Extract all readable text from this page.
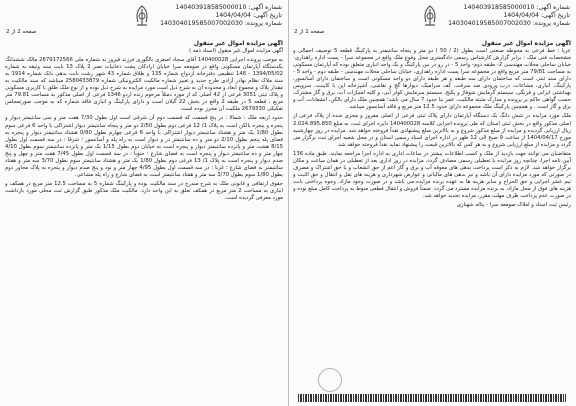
شماره آگهی: 140403918585000010
تاریخ آگهی: 1404/04/04
شماره پرونده: 140304019585007002030
صفحه 1 از 2
آگهی مزایده اموال غیر منقول
عریا : خط فرعی به محوطه صنعتی است بطول (2 / 50 ) دو متر و پنجاه سانتیمتر به پارکینگ قطعه 5 توصیف اجمالی و مشخصات فنی ملک : برابر گزارش کارشناس رسمی دادگستری محل وقوع ملک واقع در مجموعه سرا - پست اداره راهداری- خیابان ساحلی محلات مهندسی 2- طبقه دوم- واحد 5 - در رو در بین پارکینگ و یک واحد انباری متعلق بوده که آپارتمان مسکونی به مساحت 79/81 متر مربع واقع در مجموعه سرا پست اداره راهداری، خیابان ساحلی محلات مهندسی - طبقه دوم - واحد 5 - دارای سند ثبتی است که ساختمان دارای سه طبقه و هر طبقه دارای دو واحد مسکونی است و ساختمان دارای آسانسور، پارکینگ، انباری، مشاعات، درب ورودی ضد سرقت، کف سرامیک، دیوارها گچ و نقاشی، آشپزخانه اپن با کابینت، سرویس بهداشتی ایرانی و فرنگی، سیستم گرمایش شوفاژ و پکیج، سیستم سرمایش کولر آبی، و کلیه امتیازات آب، برق و گاز مشترک، حسب گواهی حاکم بر پرونده و مدارک مثبته مالکیت، عمر بنا حدود 7 سال می باشد؛ همچنین ملک دارای بالکن، انشعابات، آب و برق و گاز است . و همچنین پارکینگ ملک مجموعه دارای حدود 12.5 متر مربع و فاقد آسانسور میباشد.
ملک مورد مزایده در شش دانگ یک دستگاه آپارتمان دارای پلاک ثبتی فرعی از اصلی مفروز و مجزی شده از پلاک فرعی از اصلی مذکور واقع در بخش ثبتی استان که طی پرونده اجرایی کلاسه 140400028 دایره اجرای ثبت، به مبلغ 2.024.895.850 ریال ارزیابی گردیده و مزایده از مبلغ مذکور شروع و به بالاترین مبلغ پیشنهادی نقداً فروخته خواهد شد. مزایده در روز چهارشنبه مورخ 1404/04/17 از ساعت 9 صبح الی 12 ظهر در اداره اجرای اسناد رسمی استان و در محل شعبه اجرای ثبت برگزار می گردد و مزایده از مبلغ ارزیابی شروع و به هر کس که بالاترین قیمت را پیشنهاد نماید نقداً فروخته خواهد شد.
متقاضیان می توانند جهت بازدید از ملک و کسب اطلاعات بیشتر در ساعات اداری به اداره اجرا مراجعه نمایند. طبق ماده 136 آیین نامه اجرا، چنانچه روز مزایده با تعطیلی رسمی مصادف گردد، مزایده در روز اداری بعد از تعطیلی در همان ساعت و مکان برگزار خواهد شد. لازم به ذکر است پرداخت بدهی های معوقه آب و برق و گاز اعم از حق انشعاب و یا حق اشتراک و مصرف در صورتی که مورد مزایده دارای آن باشد و نیز بدهی های مالیاتی و عوارض شهرداری و هزینه های نقل و انتقال و حق الثبت و نیم عشر اجرایی و حق الحراج و سایر هزینه ها به عهده برنده مزایده می باشد و در صورت وجود مازاد، وجوه پرداختی بابت هزینه های فوق از محل مازاد، به برنده مزایده مسترد می گردد. ضمناً فروش و انتقال قطعی منوط به پرداخت کامل مبلغ بوده و در صورت عدم پرداخت ظرف مهلت مقرر، مزایده تجدید خواهد شد.
رئیس ثبت اسناد و املاک صومعه سرا - پتاله شهبازی
شماره آگهی: 140403918585000010
تاریخ آگهی: 1404/04/04
شماره پرونده: 140304019585007002030
صفحه 2 از 2
آگهی مزایده اموال غیر منقول
آگهی مزایده اموال غیر منقول (اسناد ذمه )
به موجب پرونده اجرایی 140400028 آقای سجاد اصغری بالگوری فرزند فیروز به شماره ملی 2679172566 مالک ششدانگ یکدستگاه آپارتمان مسکونی واقع در صومعه سرا خیابان ارادکان پشت دخانیات نصر 2 پلاک 13 بابت سند وثیقه به شماره 1394/05/02 - 146 تنظیمی دفترخانه ازدواج شماره 135 و طلاق شماره 43 شهر رشت بابت بدهی بانک شماره 1914 به سند ملاک نظام بهادر آزادی طرح جدید و تغییر شماره مالکیت الکترونیکی شماره 2580433879 میباشد که سند مالکیت به مقدار پلاک و مجموع ابعاد و محدوده آن به شرح ذیل است مورد مزایده به شرح ذیل بوده و از نوع ملک طلق با کاربری مسکونی و پلاک ثبتی 3051 فرعی از 42 اصلی که از مورد دمثلاً مرحوم زنده اردو 1346 فرعی از اصلی مذکور به مساحت 79.81 متر مربع ، قطعه 5 در طبقه 2 واقع در بخش 22 گیلان است و دارای پارکینگ و انباری فاقد شماره که به موجب صورتمجلس تفکیکی 2679330 ملکیت آن محرز بوده است.
حدود اربعه ملک : شمالا : در پنج قسمت که قسمت دوم آن شرقی است اول بطول 7/30 هفت متر و سی سانتیمتر دیوار و پنجره و پنجره بالکن است به پلاک 1/ 12 فرعی دوم بطول 2/50 دو متر و پنجاه سانتیمتر دیوار اشتراکی با واحد 6 فرعی سوم بطول 1/80 یک متر و هشتاد سانتیمتر دیوار اشتراکی با واحد 6 فرعی چهارم بطول 0/80 هشتاد سانتیمتر دیوار و پنجره به فضای پله پنجم بطول 2/10 دو متر و ده سانتیمتر در و دیوار است به راه پله و آسانسور ؛ شرقا : در سه قسمت اول بطول 8/15 هشت متر و پانزده سانتیمتر دیوار و پنجره است به خیابان دوم بطول 1/15 یک متر و پانزده سانتیمتر سوم بطول 4/10 چهار متر و ده سانتیمتر دیوار و پنجره است به فضای شارع ؛ جنوبا : در سه قسمت اول بطول 7/45 هفت متر و چهل و پنج صدم دیوار و پنجره است به پلاک 1/ 13 فرعی دوم بطول 1/80 یک متر و هشتاد سانتیمتر سوم بطول 3/70 سه متر و هفتاد سانتیمتر به فضای شارع ؛ غربا : در سه قسمت اول بطول 4/95 چهار متر و نود و پنج صدم دیوار و پنجره به پلاک مجاور دوم بطول 1/80 سوم بطول 3/70 سه متر و هفتاد سانتیمتر است به فضای شارع و راه پله مشاعی.
حقوق ارتفاقی و قانونی ملک به شرح مندرج در سند مالکیت بوده و پارکینگ شماره 5 به مساحت 12.5 متر مربع در همکف و انباری به مساحت 2 متر مربع در همکف تعلق به این واحد دارد. مالکیت ملک مذکور طبق گزارش ثبت محلی مورد بازداشت مورد معرفی گردیده است.
